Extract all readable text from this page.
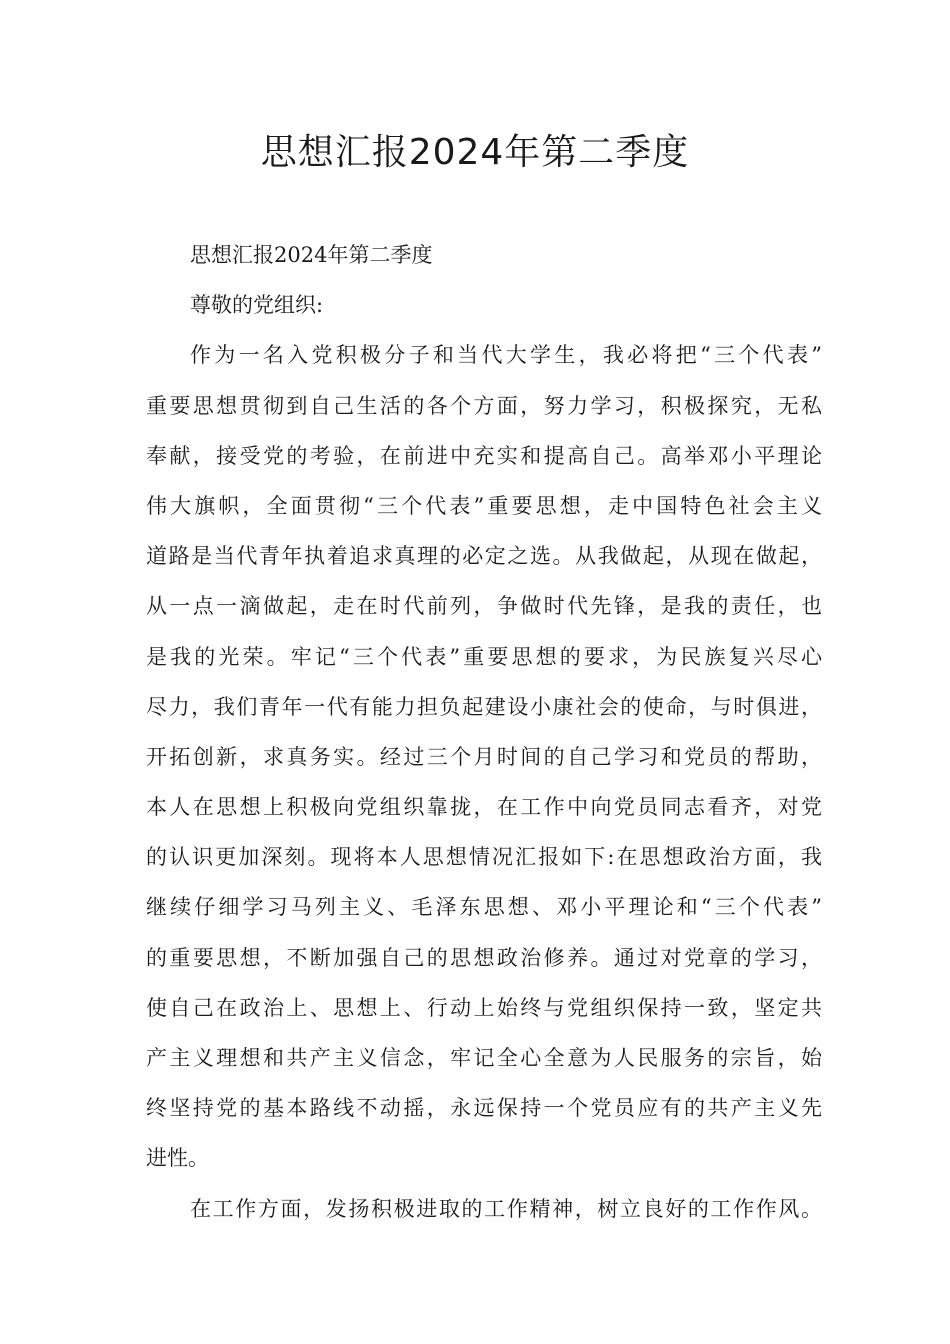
思想汇报2024年第二季度
思想汇报2024年第二季度
尊敬的党组织:
作为一名入党积极分子和当代大学生，我必将把“三个代表”
重要思想贯彻到自己生活的各个方面，努力学习，积极探究，无私
奉献，接受党的考验，在前进中充实和提高自己。高举邓小平理论
伟大旗帜，全面贯彻“三个代表”重要思想，走中国特色社会主义
道路是当代青年执着追求真理的必定之选。从我做起，从现在做起，
从一点一滴做起，走在时代前列，争做时代先锋，是我的责任，也
是我的光荣。牢记“三个代表”重要思想的要求，为民族复兴尽心
尽力，我们青年一代有能力担负起建设小康社会的使命，与时俱进，
开拓创新，求真务实。经过三个月时间的自己学习和党员的帮助，
本人在思想上积极向党组织靠拢，在工作中向党员同志看齐，对党
的认识更加深刻。现将本人思想情况汇报如下:在思想政治方面，我
继续仔细学习马列主义、毛泽东思想、邓小平理论和“三个代表”
的重要思想，不断加强自己的思想政治修养。通过对党章的学习，
使自己在政治上、思想上、行动上始终与党组织保持一致，坚定共
产主义理想和共产主义信念，牢记全心全意为人民服务的宗旨，始
终坚持党的基本路线不动摇，永远保持一个党员应有的共产主义先
进性。
在工作方面，发扬积极进取的工作精神，树立良好的工作作风。
